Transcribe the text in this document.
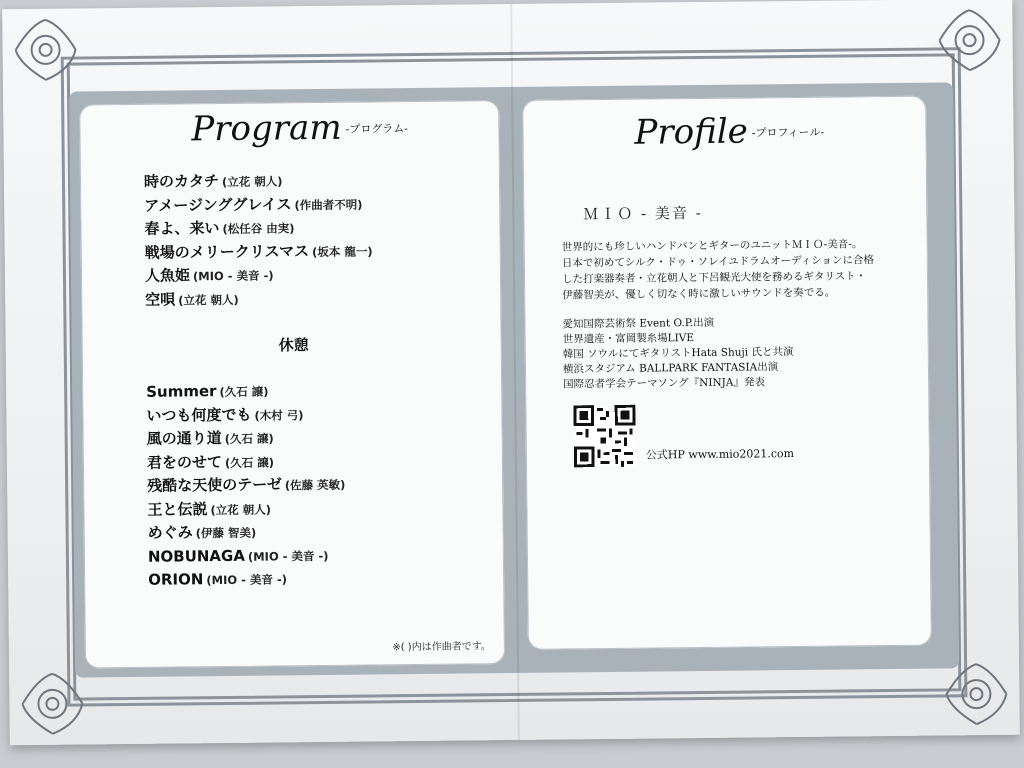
Program $^{-プログラム-}$
時のカタチ (立花 朝人)
アメージンググレイス (作曲者不明)
春よ、来い (松任谷 由実)
戦場のメリークリスマス (坂本 龍一)
人魚姫 (MIO - 美音 -)
空唄 (立花 朝人)
休憩
Summer (久石 譲)
いつも何度でも (木村 弓)
風の通り道 (久石 譲)
君をのせて (久石 譲)
残酷な天使のテーゼ (佐藤 英敏)
王と伝説 (立花 朝人)
めぐみ (伊藤 智美)
NOBUNAGA (MIO - 美音 -)
ORION (MIO - 美音 -)
※( )内は作曲者です。
Profile $^{-プロフィール-}$
ＭＩＯ - 美音 -

世界的にも珍しいハンドパンとギターのユニットＭＩＯ-美音-。

日本で初めてシルク・ドゥ・ソレイユドラムオーディションに合格

した打楽器奏者・立花朝人と下呂観光大使を務めるギタリスト・

伊藤智美が、優しく切なく時に激しいサウンドを奏でる。

愛知国際芸術祭 Event O.P.出演
世界遺産・富岡製糸場LIVE
韓国 ソウルにてギタリストHata Shuji 氏と共演
横浜スタジアム BALLPARK FANTASIA出演
国際忍者学会テーマソング『NINJA』発表
公式HP www.mio2021.com
